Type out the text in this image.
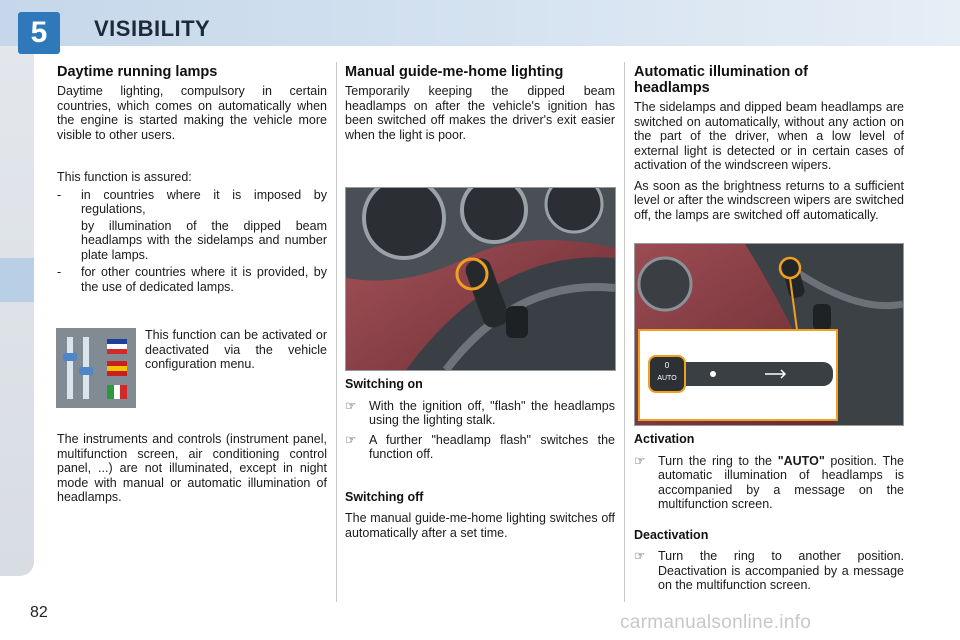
5	VISIBILITY
Daytime running lamps

Daytime lighting, compulsory in certain countries, which comes on automatically when the engine is started making the vehicle more visible to other users.

This function is assured:

-	in countries where it is imposed by regulations,
by illumination of the dipped beam headlamps with the sidelamps and number plate lamps.
-	for other countries where it is provided, by the use of dedicated lamps.

This function can be activated or deactivated via the vehicle configuration menu.

The instruments and controls (instrument panel, multifunction screen, air conditioning control panel, ...) are not illuminated, except in night mode with manual or automatic illumination of headlamps.

Manual guide-me-home lighting

Temporarily keeping the dipped beam headlamps on after the vehicle's ignition has been switched off makes the driver's exit easier when the light is poor.

Switching on
☞	With the ignition off, "flash" the headlamps using the lighting stalk.
☞	A further "headlamp flash" switches the function off.
Switching off

The manual guide-me-home lighting switches off automatically after a set time.

Automatic illumination of headlamps

The sidelamps and dipped beam headlamps are switched on automatically, without any action on the part of the driver, when a low level of external light is detected or in certain cases of activation of the windscreen wipers.

As soon as the brightness returns to a sufficient level or after the windscreen wipers are switched off, the lamps are switched off automatically.

0
AUTO
Activation
☞	Turn the ring to the "AUTO" position. The automatic illumination of headlamps is accompanied by a message on the multifunction screen.
Deactivation
☞	Turn the ring to another position. Deactivation is accompanied by a message on the multifunction screen.
82	carmanualsonline.info
